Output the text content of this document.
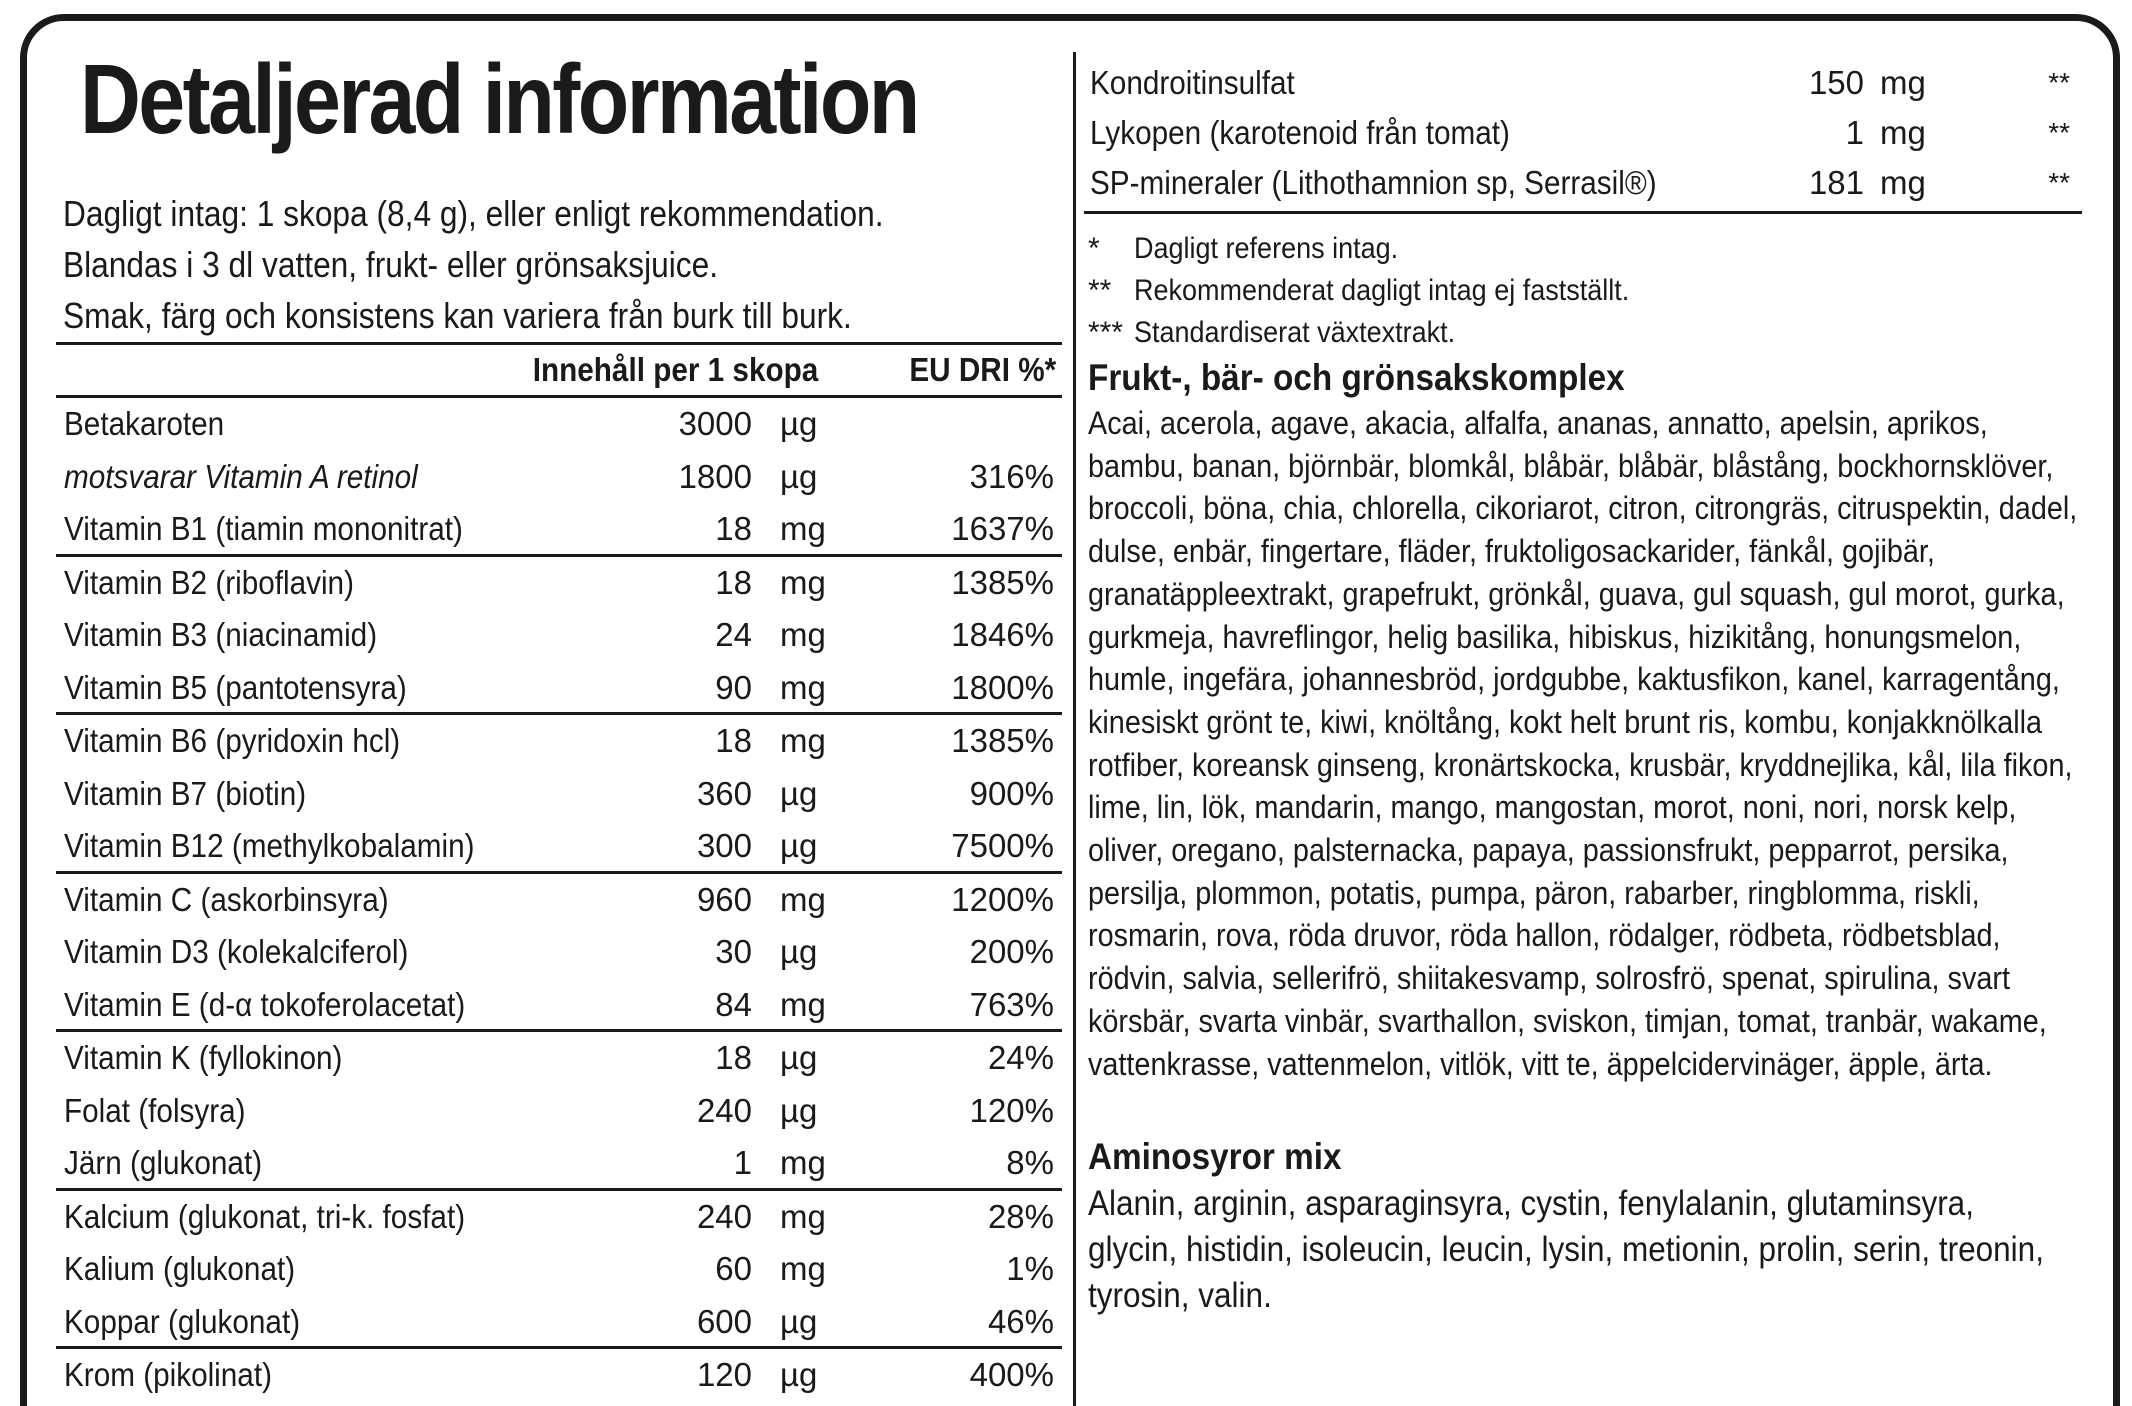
Detaljerad information
Dagligt intag: 1 skopa (8,4 g), eller enligt rekommendation.
Blandas i 3 dl vatten, frukt- eller grönsaksjuice.
Smak, färg och konsistens kan variera från burk till burk.
Innehåll per 1 skopa	EU DRI %*
Betakaroten	3000 µg
motsvarar Vitamin A retinol	1800 µg	316%
Vitamin B1 (tiamin mononitrat)	18 mg	1637%
Vitamin B2 (riboflavin)	18 mg	1385%
Vitamin B3 (niacinamid)	24 mg	1846%
Vitamin B5 (pantotensyra)	90 mg	1800%
Vitamin B6 (pyridoxin hcl)	18 mg	1385%
Vitamin B7 (biotin)	360 µg	900%
Vitamin B12 (methylkobalamin)	300 µg	7500%
Vitamin C (askorbinsyra)	960 mg	1200%
Vitamin D3 (kolekalciferol)	30 µg	200%
Vitamin E (d-α tokoferolacetat)	84 mg	763%
Vitamin K (fyllokinon)	18 µg	24%
Folat (folsyra)	240 µg	120%
Järn (glukonat)	1 mg	8%
Kalcium (glukonat, tri-k. fosfat)	240 mg	28%
Kalium (glukonat)	60 mg	1%
Koppar (glukonat)	600 µg	46%
Krom (pikolinat)	120 µg	400%
Kondroitinsulfat	150 mg	**
Lykopen (karotenoid från tomat)	1 mg	**
SP-mineraler (Lithothamnion sp, Serrasil®)	181 mg	**
* Dagligt referens intag.
** Rekommenderat dagligt intag ej fastställt.
*** Standardiserat växtextrakt.
Frukt-, bär- och grönsakskomplex
Acai, acerola, agave, akacia, alfalfa, ananas, annatto, apelsin, aprikos, bambu, banan, björnbär, blomkål, blåbär, blåbär, blåstång, bockhornsklöver, broccoli, böna, chia, chlorella, cikoriarot, citron, citrongräs, citruspektin, dadel, dulse, enbär, fingertare, fläder, fruktoligosackarider, fänkål, gojibär, granatäppleextrakt, grapefrukt, grönkål, guava, gul squash, gul morot, gurka, gurkmeja, havreflingor, helig basilika, hibiskus, hizikitång, honungsmelon, humle, ingefära, johannesbröd, jordgubbe, kaktusfikon, kanel, karragentång, kinesiskt grönt te, kiwi, knöltång, kokt helt brunt ris, kombu, konjakknölkalla rotfiber, koreansk ginseng, kronärtskocka, krusbär, kryddnejlika, kål, lila fikon, lime, lin, lök, mandarin, mango, mangostan, morot, noni, nori, norsk kelp, oliver, oregano, palsternacka, papaya, passionsfrukt, pepparrot, persika, persilja, plommon, potatis, pumpa, päron, rabarber, ringblomma, riskli, rosmarin, rova, röda druvor, röda hallon, rödalger, rödbeta, rödbetsblad, rödvin, salvia, sellerifrö, shiitakesvamp, solrosfrö, spenat, spirulina, svart körsbär, svarta vinbär, svarthallon, sviskon, timjan, tomat, tranbär, wakame, vattenkrasse, vattenmelon, vitlök, vitt te, äppelcidervinäger, äpple, ärta.
Aminosyror mix
Alanin, arginin, asparaginsyra, cystin, fenylalanin, glutaminsyra, glycin, histidin, isoleucin, leucin, lysin, metionin, prolin, serin, treonin, tyrosin, valin.
